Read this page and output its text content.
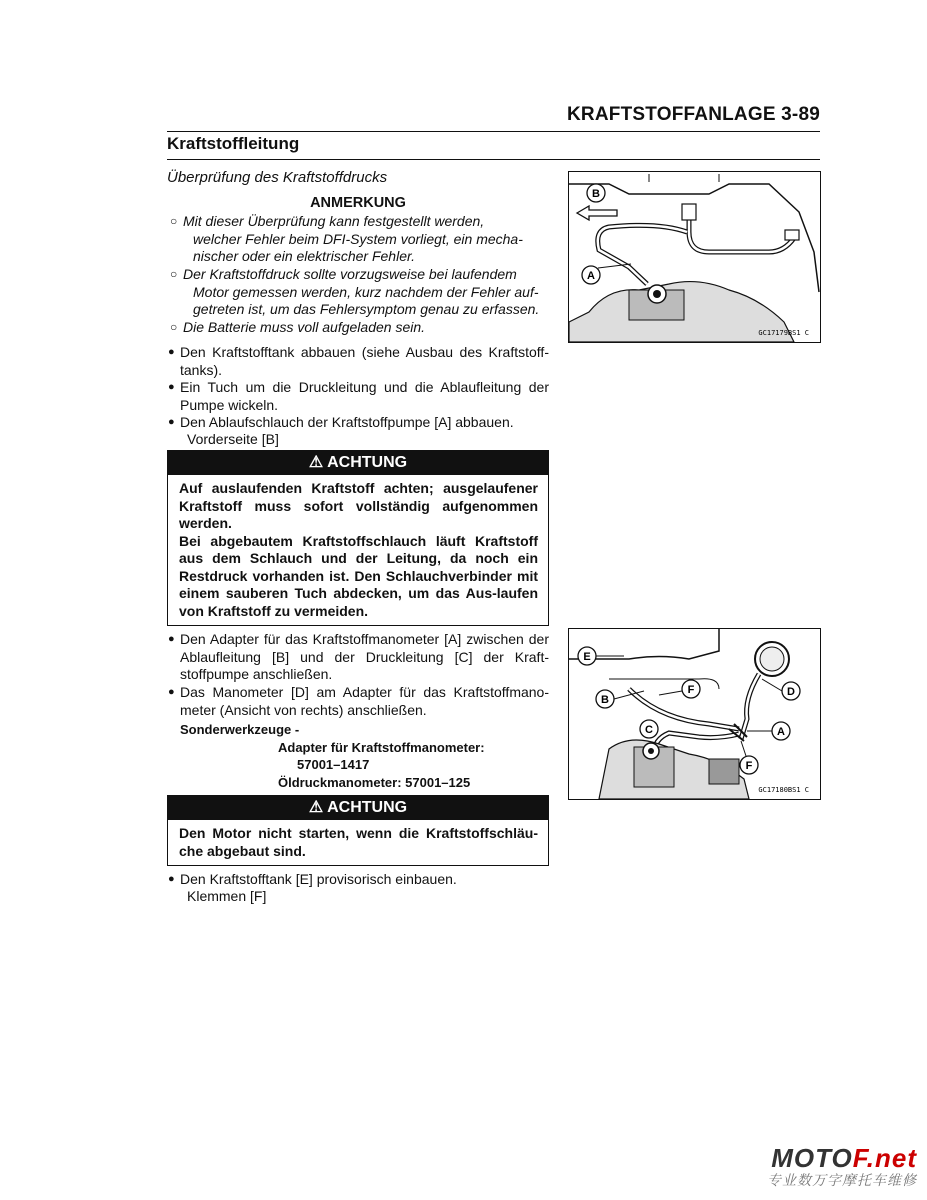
KRAFTSTOFFANLAGE 3-89
Kraftstoffleitung
Überprüfung des Kraftstoffdrucks
ANMERKUNG
○ Mit dieser Überprüfung kann festgestellt werden,
welcher Fehler beim DFI-System vorliegt, ein mecha-
nischer oder ein elektrischer Fehler.
○ Der Kraftstoffdruck sollte vorzugsweise bei laufendem
Motor gemessen werden, kurz nachdem der Fehler auf-
getreten ist, um das Fehlersymptom genau zu erfassen.
○ Die Batterie muss voll aufgeladen sein.
● Den Kraftstofftank abbauen (siehe Ausbau des Kraftstoff-tanks).
● Ein Tuch um die Druckleitung und die Ablaufleitung der Pumpe wickeln.
● Den Ablaufschlauch der Kraftstoffpumpe [A] abbauen.
Vorderseite [B]
⚠ ACHTUNG
Auf auslaufenden Kraftstoff achten; ausgelaufener Kraftstoff muss sofort vollständig aufgenommen werden.
Bei abgebautem Kraftstoffschlauch läuft Kraftstoff aus dem Schlauch und der Leitung, da noch ein Restdruck vorhanden ist. Den Schlauchverbinder mit einem sauberen Tuch abdecken, um das Aus-laufen von Kraftstoff zu vermeiden.
● Den Adapter für das Kraftstoffmanometer [A] zwischen der Ablaufleitung [B] und der Druckleitung [C] der Kraft-stoffpumpe anschließen.
● Das Manometer [D] am Adapter für das Kraftstoffmano-meter (Ansicht von rechts) anschließen.
Sonderwerkzeuge -
Adapter für Kraftstoffmanometer:
57001–1417
Öldruckmanometer: 57001–125
⚠ ACHTUNG
Den Motor nicht starten, wenn die Kraftstoffschläu-che abgebaut sind.
● Den Kraftstofftank [E] provisorisch einbauen.
Klemmen [F]
B
A
GC17179BS1 C
E
B
C
F	D
A
F
GC17180BS1 C
MOTOF.net
专业数万字摩托车维修
